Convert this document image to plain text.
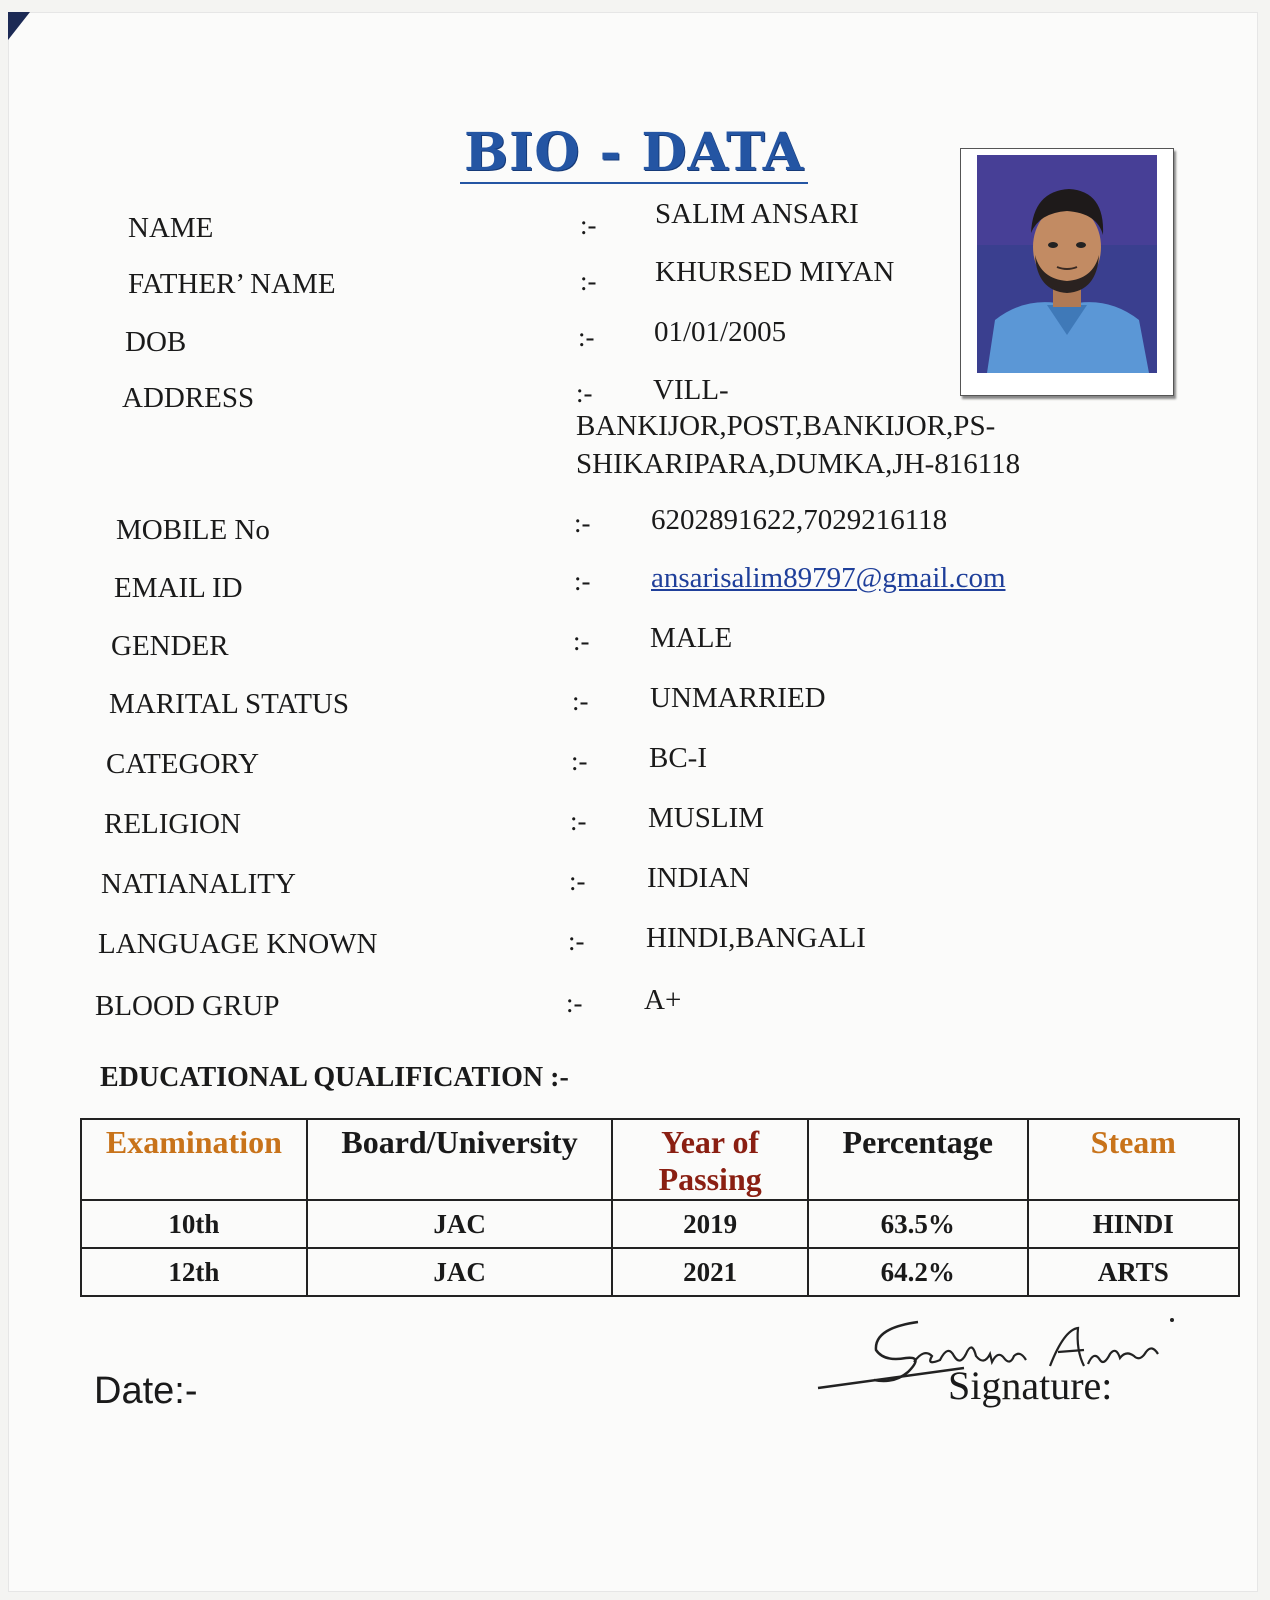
BIO - DATA
NAME	:- SALIM ANSARI
FATHER’ NAME	:- KHURSED MIYAN
DOB	:- 01/01/2005
ADDRESS	:- VILL-
BANKIJOR,POST,BANKIJOR,PS-
SHIKARIPARA,DUMKA,JH-816118
MOBILE No	:- 6202891622,7029216118
EMAIL ID	:- ansarisalim89797@gmail.com
GENDER	:- MALE
MARITAL STATUS	:- UNMARRIED
CATEGORY	:- BC-I
RELIGION	:- MUSLIM
NATIANALITY	:- INDIAN
LANGUAGE KNOWN	:- HINDI,BANGALI
BLOOD GRUP	:- A+
EDUCATIONAL QUALIFICATION :-
Examination	Board/University	Year of Passing	Percentage	Steam
10th	JAC	2019	63.5%	HINDI
12th	JAC	2021	64.2%	ARTS
Date:-	Signature:
